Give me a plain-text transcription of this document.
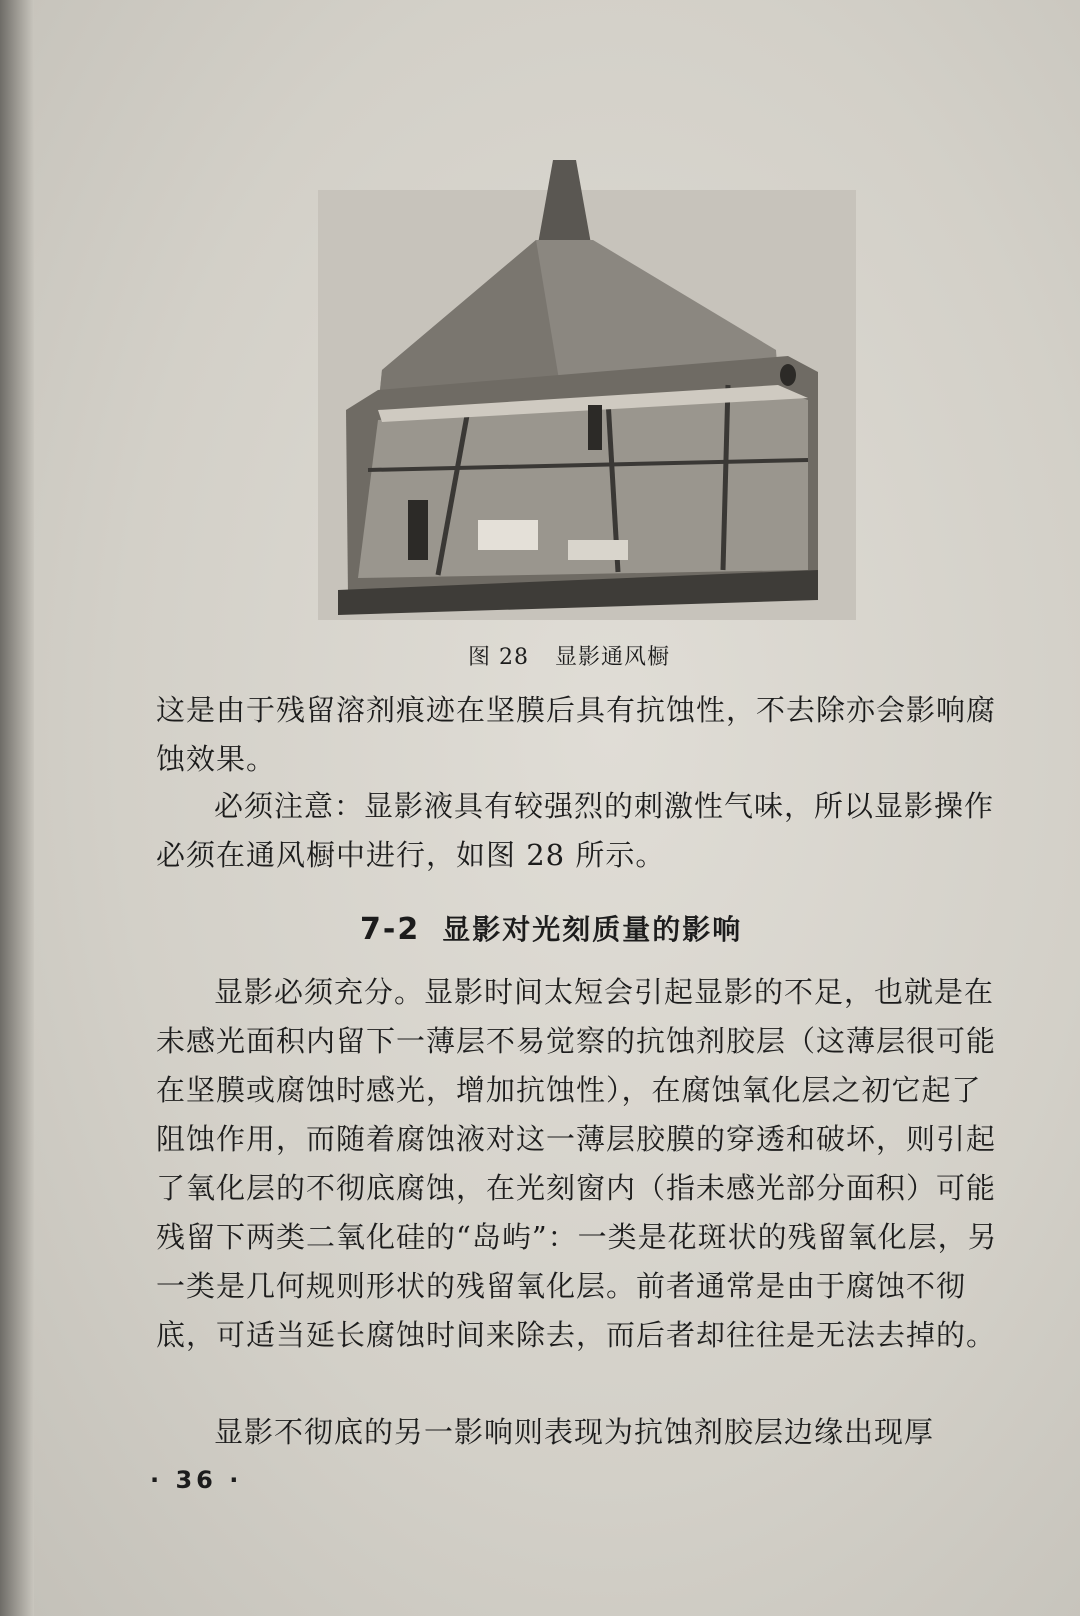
图 28 显影通风橱
这是由于残留溶剂痕迹在坚膜后具有抗蚀性，不去除亦会影响腐蚀效果。
必须注意：显影液具有较强烈的刺激性气味，所以显影操作必须在通风橱中进行，如图 28 所示。
7-2 显影对光刻质量的影响
显影必须充分。显影时间太短会引起显影的不足，也就是在未感光面积内留下一薄层不易觉察的抗蚀剂胶层（这薄层很可能在坚膜或腐蚀时感光，增加抗蚀性），在腐蚀氧化层之初它起了阻蚀作用，而随着腐蚀液对这一薄层胶膜的穿透和破坏，则引起了氧化层的不彻底腐蚀，在光刻窗内（指未感光部分面积）可能残留下两类二氧化硅的“岛屿”：一类是花斑状的残留氧化层，另一类是几何规则形状的残留氧化层。前者通常是由于腐蚀不彻底，可适当延长腐蚀时间来除去，而后者却往往是无法去掉的。
显影不彻底的另一影响则表现为抗蚀剂胶层边缘出现厚
· 36 ·
